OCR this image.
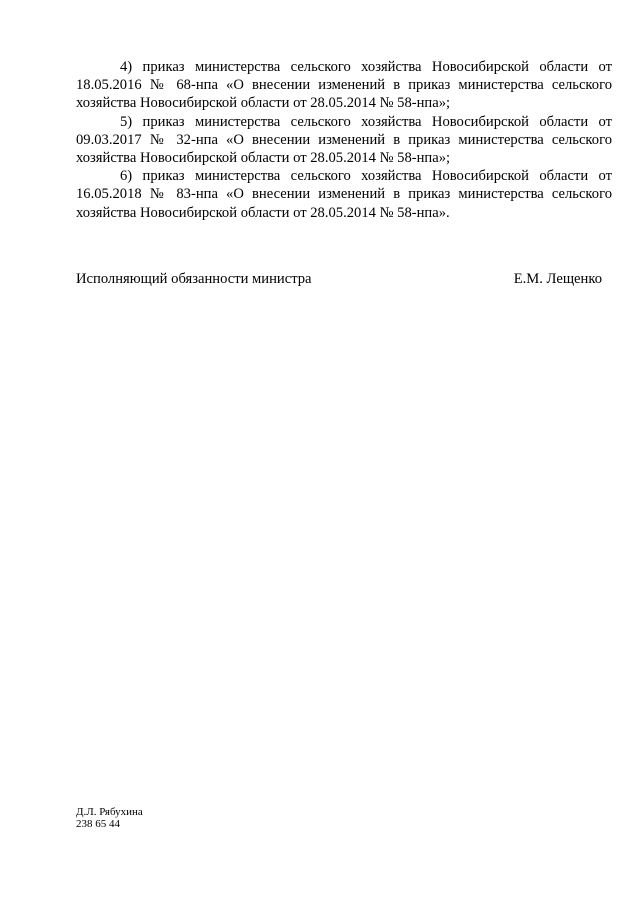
4) приказ министерства сельского хозяйства Новосибирской области от 18.05.2016 № 68-нпа «О внесении изменений в приказ министерства сельского хозяйства Новосибирской области от 28.05.2014 № 58-нпа»;

5) приказ министерства сельского хозяйства Новосибирской области от 09.03.2017 № 32-нпа «О внесении изменений в приказ министерства сельского хозяйства Новосибирской области от 28.05.2014 № 58-нпа»;

6) приказ министерства сельского хозяйства Новосибирской области от 16.05.2018 № 83-нпа «О внесении изменений в приказ министерства сельского хозяйства Новосибирской области от 28.05.2014 № 58-нпа».

Исполняющий обязанности министра	Е.М. Лещенко
Д.Л. Рябухина
238 65 44
